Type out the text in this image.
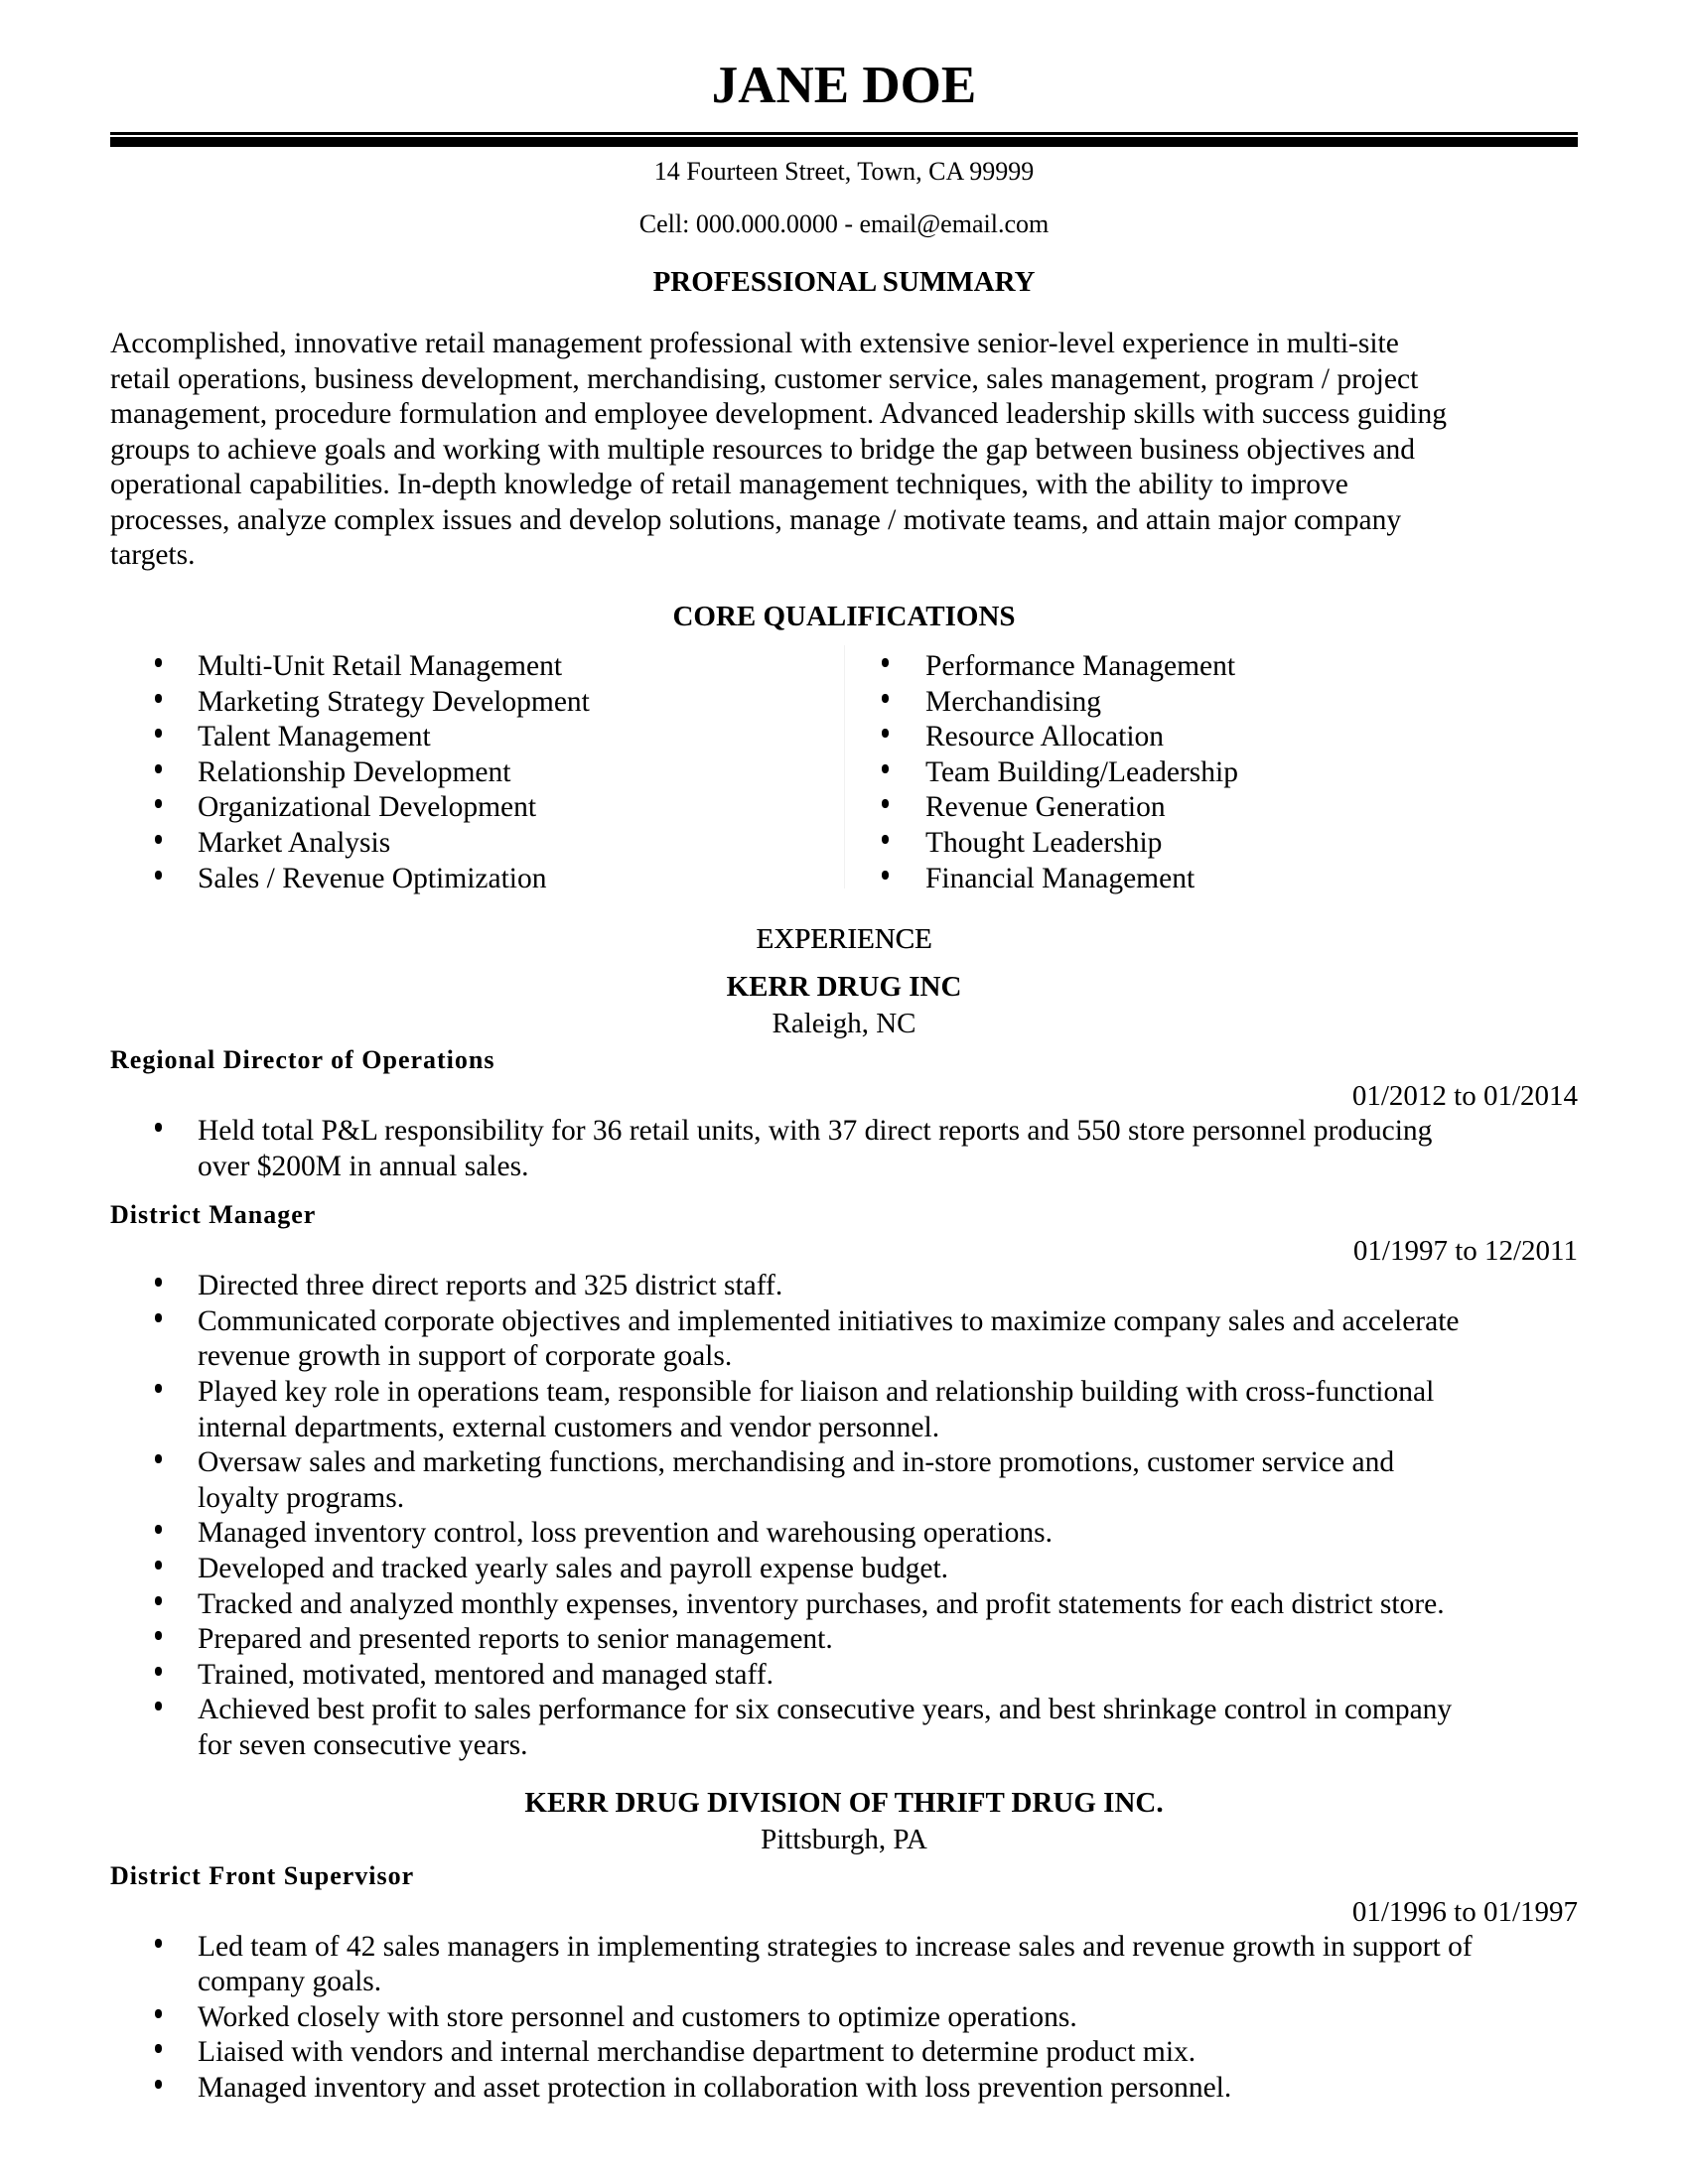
JANE DOE
14 Fourteen Street, Town, CA 99999
Cell: 000.000.0000 - email@email.com
PROFESSIONAL SUMMARY
Accomplished, innovative retail management professional with extensive senior-level experience in multi-site
retail operations, business development, merchandising, customer service, sales management, program / project
management, procedure formulation and employee development. Advanced leadership skills with success guiding
groups to achieve goals and working with multiple resources to bridge the gap between business objectives and
operational capabilities. In-depth knowledge of retail management techniques, with the ability to improve
processes, analyze complex issues and develop solutions, manage / motivate teams, and attain major company
targets.
CORE QUALIFICATIONS
Multi-Unit Retail Management
Marketing Strategy Development
Talent Management
Relationship Development
Organizational Development
Market Analysis
Sales / Revenue Optimization
Performance Management
Merchandising
Resource Allocation
Team Building/Leadership
Revenue Generation
Thought Leadership
Financial Management
EXPERIENCE
KERR DRUG INC
Raleigh, NC
Regional Director of Operations
01/2012 to 01/2014
Held total P&L responsibility for 36 retail units, with 37 direct reports and 550 store personnel producing
over $200M in annual sales.
District Manager
01/1997 to 12/2011
Directed three direct reports and 325 district staff.
Communicated corporate objectives and implemented initiatives to maximize company sales and accelerate
revenue growth in support of corporate goals.
Played key role in operations team, responsible for liaison and relationship building with cross-functional
internal departments, external customers and vendor personnel.
Oversaw sales and marketing functions, merchandising and in-store promotions, customer service and
loyalty programs.
Managed inventory control, loss prevention and warehousing operations.
Developed and tracked yearly sales and payroll expense budget.
Tracked and analyzed monthly expenses, inventory purchases, and profit statements for each district store.
Prepared and presented reports to senior management.
Trained, motivated, mentored and managed staff.
Achieved best profit to sales performance for six consecutive years, and best shrinkage control in company
for seven consecutive years.
KERR DRUG DIVISION OF THRIFT DRUG INC.
Pittsburgh, PA
District Front Supervisor
01/1996 to 01/1997
Led team of 42 sales managers in implementing strategies to increase sales and revenue growth in support of
company goals.
Worked closely with store personnel and customers to optimize operations.
Liaised with vendors and internal merchandise department to determine product mix.
Managed inventory and asset protection in collaboration with loss prevention personnel.
